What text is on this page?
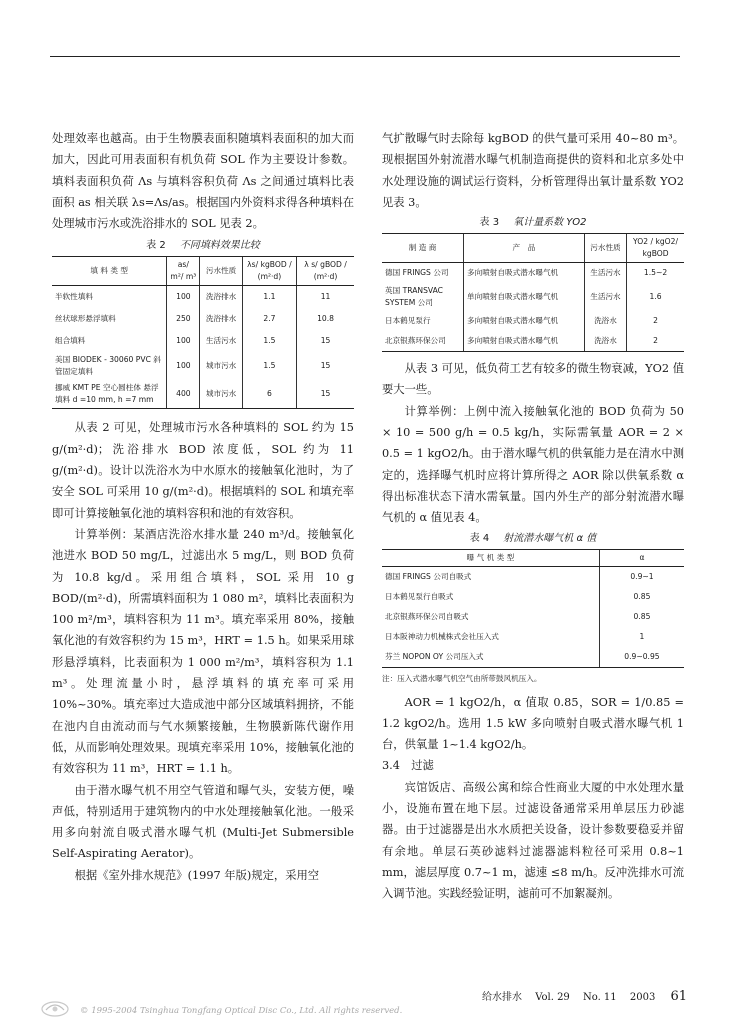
处理效率也越高。由于生物膜表面积随填料表面积的加大而加大，因此可用表面积有机负荷 SOL 作为主要设计参数。填料表面积负荷 Λs 与填料容积负荷 Λs 之间通过填料比表面积 as 相关联 λs=Λs/as。根据国内外资料求得各种填料在处理城市污水或洗浴排水的 SOL 见表 2。

表 2 不同填料效果比较

填 料 类 型	as/ m²/ m³	污水性质	λs/ kgBOD / (m²·d)	λ s/ gBOD / (m²·d)
半软性填料	100	洗浴排水	1.1	11
丝状球形悬浮填料	250	洗浴排水	2.7	10.8
组合填料	100	生活污水	1.5	15
美国 BIODEK - 30060 PVC 斜管固定填料	100	城市污水	1.5	15
挪威 KMT PE 空心圆柱体 悬浮填料 d =10 mm, h =7 mm	400	城市污水	6	15

从表 2 可见，处理城市污水各种填料的 SOL 约为 15 g/(m²·d)；洗浴排水 BOD 浓度低，SOL 约为 11 g/(m²·d)。设计以洗浴水为中水原水的接触氧化池时，为了安全 SOL 可采用 10 g/(m²·d)。根据填料的 SOL 和填充率即可计算接触氧化池的填料容积和池的有效容积。

计算举例：某酒店洗浴水排水量 240 m³/d。接触氧化池进水 BOD 50 mg/L，过滤出水 5 mg/L，则 BOD 负荷为 10.8 kg/d。采用组合填料，SOL 采用 10 g BOD/(m²·d)，所需填料面积为 1 080 m²，填料比表面积为 100 m²/m³，填料容积为 11 m³。填充率采用 80%，接触氧化池的有效容积约为 15 m³，HRT = 1.5 h。如果采用球形悬浮填料，比表面积为 1 000 m²/m³，填料容积为 1.1 m³。处理流量小时，悬浮填料的填充率可采用 10%~30%。填充率过大造成池中部分区域填料拥挤，不能在池内自由流动而与气水频繁接触，生物膜新陈代谢作用低，从而影响处理效果。现填充率采用 10%，接触氧化池的有效容积为 11 m³，HRT = 1.1 h。

由于潜水曝气机不用空气管道和曝气头，安装方便，噪声低，特别适用于建筑物内的中水处理接触氧化池。一般采用多向射流自吸式潜水曝气机 (Multi-Jet Submersible Self-Aspirating Aerator)。

根据《室外排水规范》(1997 年版)规定，采用空

气扩散曝气时去除每 kgBOD 的供气量可采用 40~80 m³。现根据国外射流潜水曝气机制造商提供的资料和北京多处中水处理设施的调试运行资料，分析管理得出氧计量系数 YO2 见表 3。

表 3 氧计量系数 YO2

制 造 商	产　品	污水性质	YO2 / kgO2/ kgBOD
德国 FRINGS 公司	多向喷射自吸式潜水曝气机	生活污水	1.5~2
英国 TRANSVAC SYSTEM 公司	单向喷射自吸式潜水曝气机	生活污水	1.6
日本鹤见泵行	多向喷射自吸式潜水曝气机	洗浴水	2
北京银燕环保公司	多向喷射自吸式潜水曝气机	洗浴水	2

从表 3 可见，低负荷工艺有较多的微生物衰减，YO2 值要大一些。

计算举例：上例中流入接触氧化池的 BOD 负荷为 50 × 10 = 500 g/h = 0.5 kg/h，实际需氧量 AOR = 2 × 0.5 = 1 kgO2/h。由于潜水曝气机的供氧能力是在清水中测定的，选择曝气机时应将计算所得之 AOR 除以供氧系数 α 得出标准状态下清水需氧量。国内外生产的部分射流潜水曝气机的 α 值见表 4。

表 4 射流潜水曝气机 α 值

曝 气 机 类 型	α
德国 FRINGS 公司自吸式	0.9~1
日本鹤见泵行自吸式	0.85
北京银燕环保公司自吸式	0.85
日本阪神动力机械株式会社压入式	1
芬兰 NOPON OY 公司压入式	0.9~0.95

注：压入式潜水曝气机空气由所带鼓风机压入。

AOR = 1 kgO2/h，α 值取 0.85，SOR = 1/0.85 = 1.2 kgO2/h。选用 1.5 kW 多向喷射自吸式潜水曝气机 1 台，供氧量 1~1.4 kgO2/h。

3.4　过滤

宾馆饭店、高级公寓和综合性商业大厦的中水处理水量小，设施布置在地下层。过滤设备通常采用单层压力砂滤器。由于过滤器是出水水质把关设备，设计参数要稳妥并留有余地。单层石英砂滤料过滤器滤料粒径可采用 0.8~1 mm，滤层厚度 0.7~1 m，滤速 ≤8 m/h。反冲洗排水可流入调节池。实践经验证明，滤前可不加絮凝剂。

给水排水 Vol. 29 No. 11 2003 61
© 1995-2004 Tsinghua Tongfang Optical Disc Co., Ltd. All rights reserved.
